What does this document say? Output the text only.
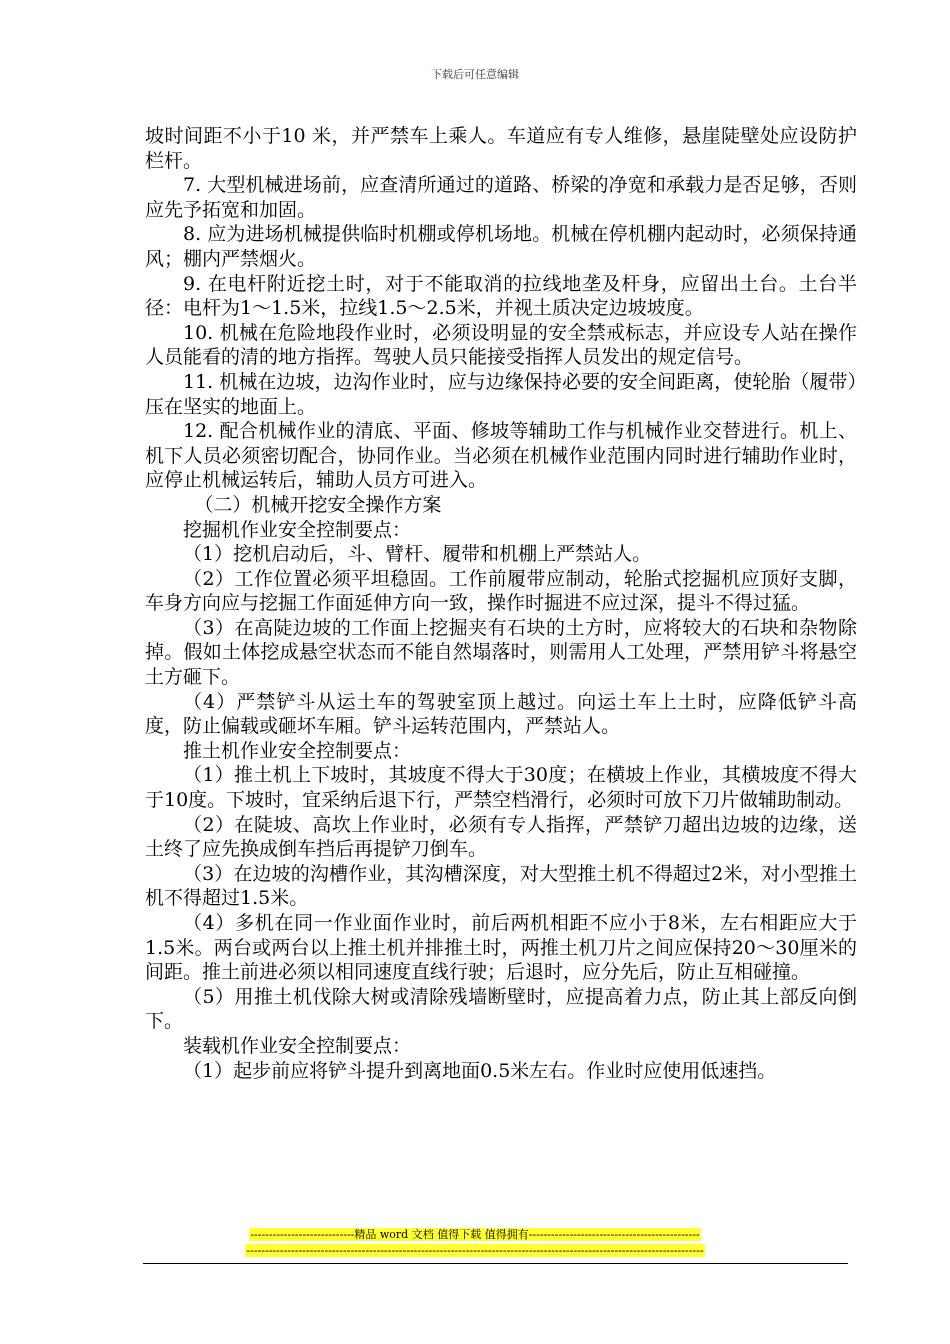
下载后可任意编辑

坡时间距不小于10 米，并严禁车上乘人。车道应有专人维修，悬崖陡壁处应设防护栏杆。

7. 大型机械进场前，应查清所通过的道路、桥梁的净宽和承载力是否足够，否则应先予拓宽和加固。

8. 应为进场机械提供临时机棚或停机场地。机械在停机棚内起动时，必须保持通风；棚内严禁烟火。

9. 在电杆附近挖土时，对于不能取消的拉线地垄及杆身，应留出土台。土台半径：电杆为1～1.5米，拉线1.5～2.5米，并视土质决定边坡坡度。

10. 机械在危险地段作业时，必须设明显的安全禁戒标志，并应设专人站在操作人员能看的清的地方指挥。驾驶人员只能接受指挥人员发出的规定信号。

11. 机械在边坡，边沟作业时，应与边缘保持必要的安全间距离，使轮胎（履带）压在坚实的地面上。

12. 配合机械作业的清底、平面、修坡等辅助工作与机械作业交替进行。机上、机下人员必须密切配合，协同作业。当必须在机械作业范围内同时进行辅助作业时，应停止机械运转后，辅助人员方可进入。

（二）机械开挖安全操作方案

挖掘机作业安全控制要点：

（1）挖机启动后，斗、臂杆、履带和机棚上严禁站人。

（2）工作位置必须平坦稳固。工作前履带应制动，轮胎式挖掘机应顶好支脚，车身方向应与挖掘工作面延伸方向一致，操作时掘进不应过深，提斗不得过猛。

（3）在高陡边坡的工作面上挖掘夹有石块的土方时，应将较大的石块和杂物除掉。假如土体挖成悬空状态而不能自然塌落时，则需用人工处理，严禁用铲斗将悬空土方砸下。

（4）严禁铲斗从运土车的驾驶室顶上越过。向运土车上土时，应降低铲斗高度，防止偏载或砸坏车厢。铲斗运转范围内，严禁站人。

推土机作业安全控制要点：

（1）推土机上下坡时，其坡度不得大于30度；在横坡上作业，其横坡度不得大于10度。下坡时，宜采纳后退下行，严禁空档滑行，必须时可放下刀片做辅助制动。

（2）在陡坡、高坎上作业时，必须有专人指挥，严禁铲刀超出边坡的边缘，送土终了应先换成倒车挡后再提铲刀倒车。

（3）在边坡的沟槽作业，其沟槽深度，对大型推土机不得超过2米，对小型推土机不得超过1.5米。

（4）多机在同一作业面作业时，前后两机相距不应小于8米，左右相距应大于1.5米。两台或两台以上推土机并排推土时，两推土机刀片之间应保持20～30厘米的间距。推土前进必须以相同速度直线行驶；后退时，应分先后，防止互相碰撞。

（5）用推土机伐除大树或清除残墙断壁时，应提高着力点，防止其上部反向倒下。

装载机作业安全控制要点：

（1）起步前应将铲斗提升到离地面0.5米左右。作业时应使用低速挡。

----------------------------精品 word 文档 值得下载 值得拥有----------------------------------------------
---------------------------------------------------------------------------------------------------------------------------
